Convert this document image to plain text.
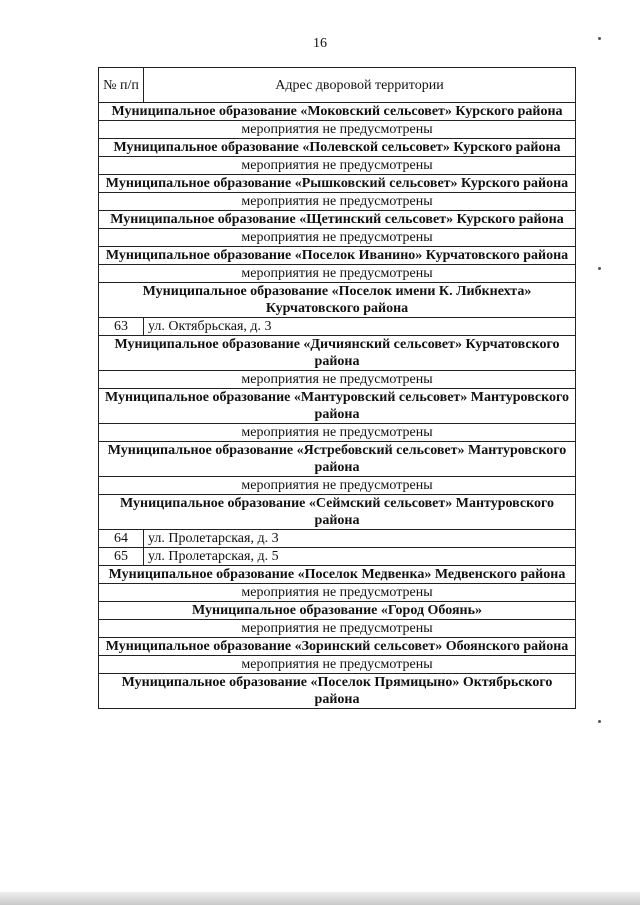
16
№ п/п	Адрес дворовой территории
Муниципальное образование «Моковский сельсовет» Курского района	
мероприятия не предусмотрены	
Муниципальное образование «Полевской сельсовет» Курского района	
мероприятия не предусмотрены	
Муниципальное образование «Рышковский сельсовет» Курского района	
мероприятия не предусмотрены	
Муниципальное образование «Щетинский сельсовет» Курского района	
мероприятия не предусмотрены	
Муниципальное образование «Поселок Иванино» Курчатовского района	
мероприятия не предусмотрены	
Муниципальное образование «Поселок имени К. Либкнехта» Курчатовского района	
63	ул. Октябрьская, д. 3
Муниципальное образование «Дичиянский сельсовет» Курчатовского района	
мероприятия не предусмотрены	
Муниципальное образование «Мантуровский сельсовет» Мантуровского района	
мероприятия не предусмотрены	
Муниципальное образование «Ястребовский сельсовет» Мантуровского района	
мероприятия не предусмотрены	
Муниципальное образование «Сеймский сельсовет» Мантуровского района	
64	ул. Пролетарская, д. 3
65	ул. Пролетарская, д. 5
Муниципальное образование «Поселок Медвенка» Медвенского района	
мероприятия не предусмотрены	
Муниципальное образование «Город Обоянь»	
мероприятия не предусмотрены	
Муниципальное образование «Зоринский сельсовет» Обоянского района	
мероприятия не предусмотрены	
Муниципальное образование «Поселок Прямицыно» Октябрьского района	
